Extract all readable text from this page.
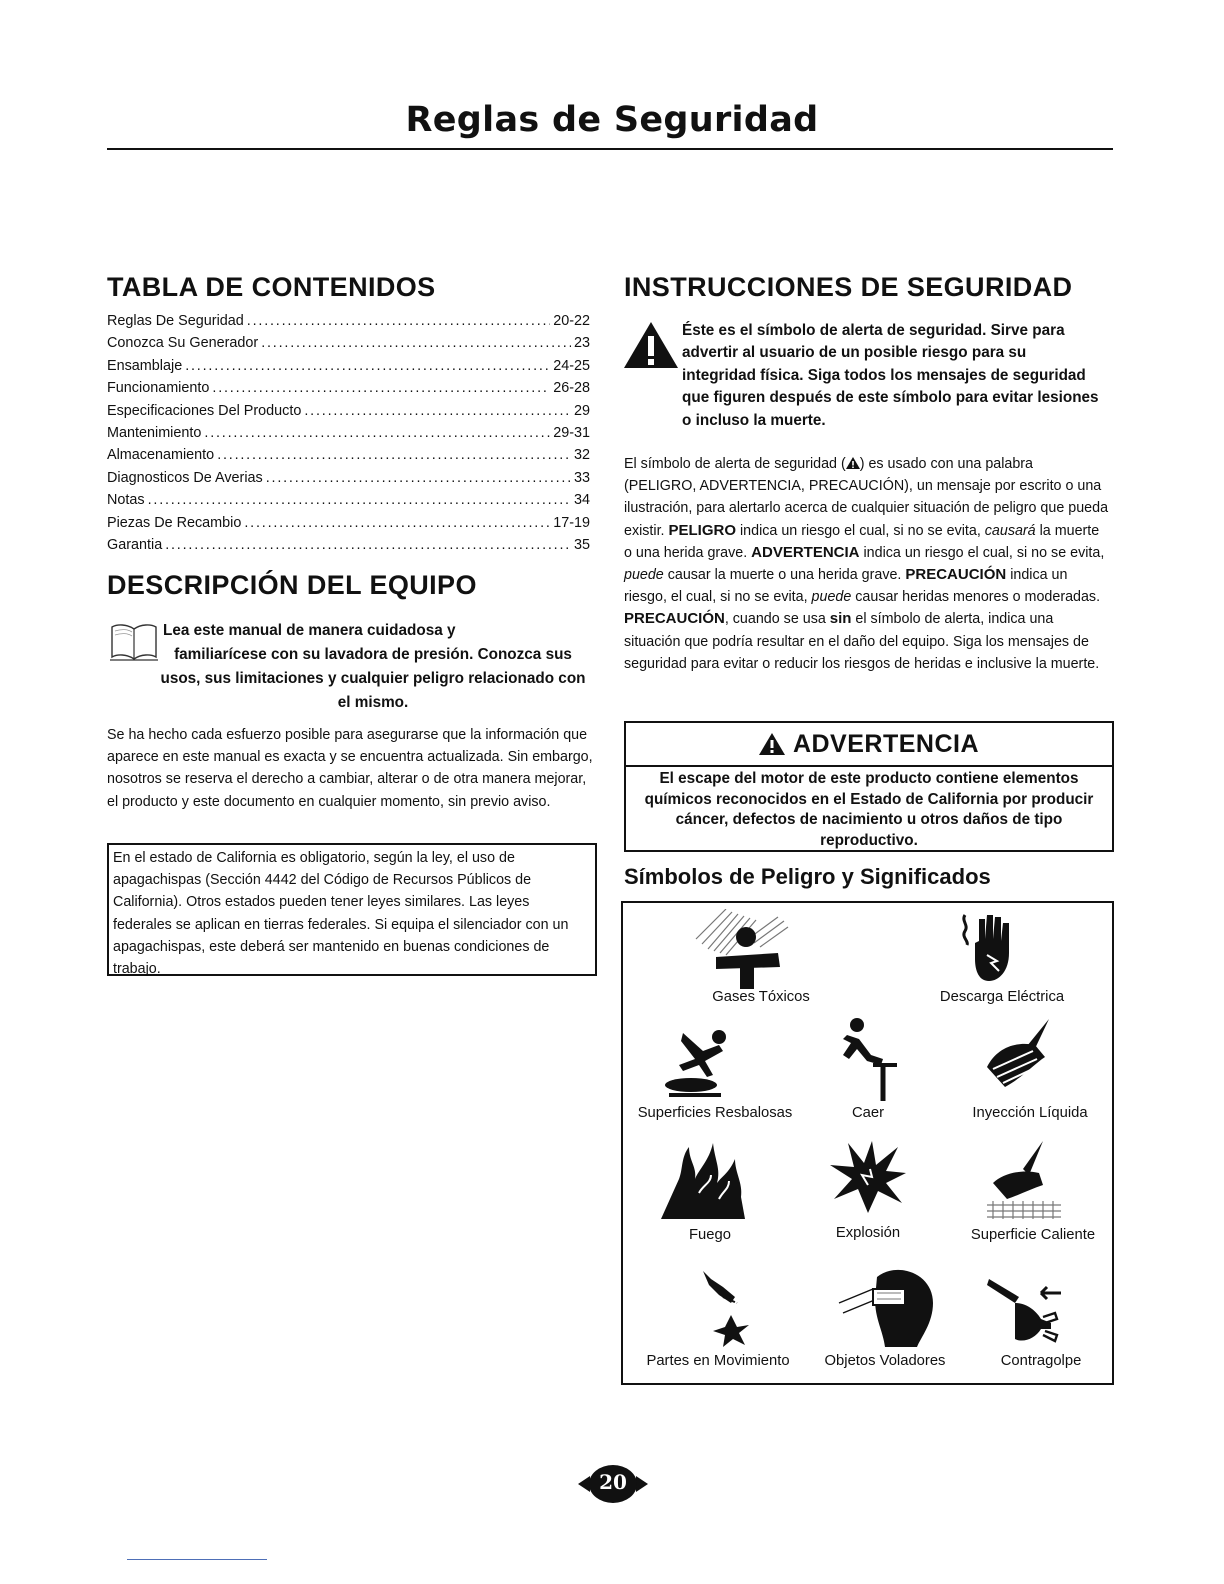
Reglas de Seguridad
TABLA DE CONTENIDOS
Reglas De Seguridad .....	20-22
Conozca Su Generador .....	23
Ensamblaje .....	24-25
Funcionamiento .....	26-28
Especificaciones Del Producto .....	29
Mantenimiento .....	29-31
Almacenamiento .....	32
Diagnosticos De Averias .....	33
Notas .....	34
Piezas De Recambio .....	17-19
Garantia .....	35
DESCRIPCIÓN DEL EQUIPO
Lea este manual de manera cuidadosa y
familiarícese con su lavadora de presión. Conozca sus usos, sus limitaciones y cualquier peligro relacionado con el mismo.
Se ha hecho cada esfuerzo posible para asegurarse que la información que aparece en este manual es exacta y se encuentra actualizada. Sin embargo, nosotros se reserva el derecho a cambiar, alterar o de otra manera mejorar, el producto y este documento en cualquier momento, sin previo aviso.
En el estado de California es obligatorio, según la ley, el uso de apagachispas (Sección 4442 del Código de Recursos Públicos de California). Otros estados pueden tener leyes similares. Las leyes federales se aplican en tierras federales. Si equipa el silenciador con un apagachispas, este deberá ser mantenido en buenas condiciones de trabajo.
INSTRUCCIONES DE SEGURIDAD
Éste es el símbolo de alerta de seguridad. Sirve para advertir al usuario de un posible riesgo para su integridad física. Siga todos los mensajes de seguridad que figuren después de este símbolo para evitar lesiones o incluso la muerte.
El símbolo de alerta de seguridad ( ) es usado con una palabra (PELIGRO, ADVERTENCIA, PRECAUCIÓN), un mensaje por escrito o una ilustración, para alertarlo acerca de cualquier situación de peligro que pueda existir. PELIGRO indica un riesgo el cual, si no se evita, causará la muerte o una herida grave. ADVERTENCIA indica un riesgo el cual, si no se evita, puede causar la muerte o una herida grave. PRECAUCIÓN indica un riesgo, el cual, si no se evita, puede causar heridas menores o moderadas. PRECAUCIÓN, cuando se usa sin el símbolo de alerta, indica una situación que podría resultar en el daño del equipo. Siga los mensajes de seguridad para evitar o reducir los riesgos de heridas e inclusive la muerte.
ADVERTENCIA
El escape del motor de este producto contiene elementos químicos reconocidos en el Estado de California por producir cáncer, defectos de nacimiento u otros daños de tipo reproductivo.
Símbolos de Peligro y Significados
Gases Tóxicos	Descarga Eléctrica
Superficies Resbalosas	Caer	Inyección Líquida
Fuego	Explosión	Superficie Caliente
Partes en Movimiento Objetos Voladores	Contragolpe
20
